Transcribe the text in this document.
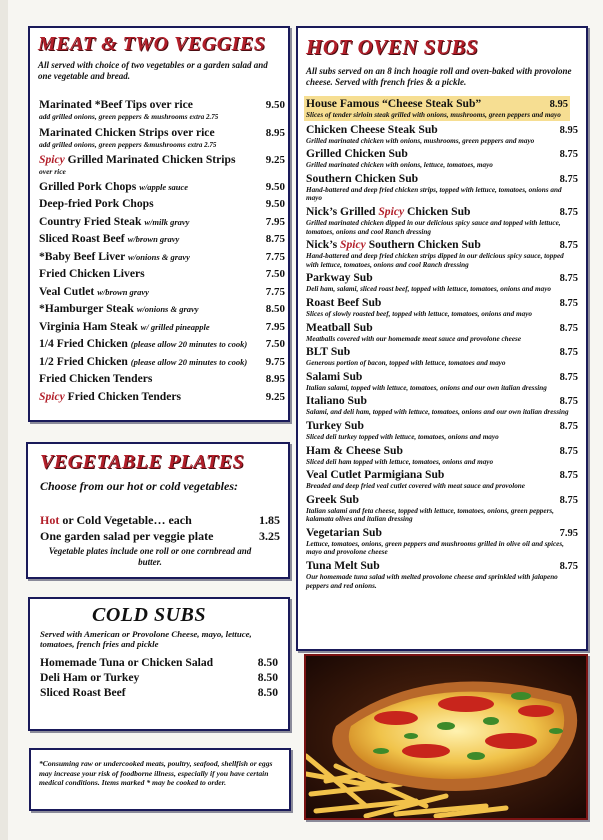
MEAT & TWO VEGGIES
All served with choice of two vegetables or a garden salad and one vegetable and bread.
Marinated *Beef Tips over rice	9.50
add grilled onions, green peppers & mushrooms extra 2.75
Marinated Chicken Strips over rice	8.95
add grilled onions, green peppers &mushrooms extra 2.75
Spicy Grilled Marinated Chicken Strips	9.25
over rice
Grilled Pork Chops w/apple sauce	9.50
Deep-fried Pork Chops	9.50
Country Fried Steak w/milk gravy	7.95
Sliced Roast Beef w/brown gravy	8.75
*Baby Beef Liver w/onions & gravy	7.75
Fried Chicken Livers	7.50
Veal Cutlet w/brown gravy	7.75
*Hamburger Steak w/onions & gravy	8.50
Virginia Ham Steak w/ grilled pineapple	7.95
1/4 Fried Chicken (please allow 20 minutes to cook) 7.50
1/2 Fried Chicken (please allow 20 minutes to cook) 9.75
Fried Chicken Tenders	8.95
Spicy Fried Chicken Tenders	9.25
HOT OVEN SUBS
All subs served on an 8 inch hoagie roll and oven-baked with provolone cheese. Served with french fries & a pickle.
House Famous “Cheese Steak Sub”	8.95
Slices of tender sirloin steak grilled with onions, mushrooms, green peppers and mayo
Chicken Cheese Steak Sub	8.95
Grilled marinated chicken with onions, mushrooms, green peppers and mayo
Grilled Chicken Sub	8.75
Grilled marinated chicken with onions, lettuce, tomatoes, mayo
Southern Chicken Sub	8.75
Hand-battered and deep fried chicken strips, topped with lettuce, tomatoes, onions and mayo
Nick’s Grilled Spicy Chicken Sub	8.75
Grilled marinated chicken dipped in our delicious spicy sauce and topped with lettuce, tomatoes, onions and cool Ranch dressing
Nick’s Spicy Southern Chicken Sub	8.75
Hand-battered and deep fried chicken strips dipped in our delicious spicy sauce, topped with lettuce, tomatoes, onions and cool Ranch dressing
Parkway Sub	8.75
Deli ham, salami, sliced roast beef, topped with lettuce, tomatoes, onions and mayo
Roast Beef Sub	8.75
Slices of slowly roasted beef, topped with lettuce, tomatoes, onions and mayo
Meatball Sub	8.75
Meatballs covered with our homemade meat sauce and provolone cheese
BLT Sub	8.75
Generous portion of bacon, topped with lettuce, tomatoes and mayo
Salami Sub	8.75
Italian salami, topped with lettuce, tomatoes, onions and our own italian dressing
Italiano Sub	8.75
Salami, and deli ham, topped with lettuce, tomatoes, onions and our own italian dressing
Turkey Sub	8.75
Sliced deli turkey topped with lettuce, tomatoes, onions and mayo
Ham & Cheese Sub	8.75
Sliced deli ham topped with lettuce, tomatoes, onions and mayo
Veal Cutlet Parmigiana Sub	8.75
Breaded and deep fried veal cutlet covered with meat sauce and provolone
Greek Sub	8.75
Italian salami and feta cheese, topped with lettuce, tomatoes, onions, green peppers, kalamata olives and italian dressing
Vegetarian Sub	7.95
Lettuce, tomatoes, onions, green peppers and mushrooms grilled in olive oil and spices, mayo and provolone cheese
Tuna Melt Sub	8.75
Our homemade tuna salad with melted provolone cheese and sprinkled with jalapeno peppers and red onions.
VEGETABLE PLATES
Choose from our hot or cold vegetables:
Hot or Cold Vegetable… each	1.85
One garden salad per veggie plate	3.25
Vegetable plates include one roll or one cornbread and butter.
COLD SUBS
Served with American or Provolone Cheese, mayo, lettuce, tomatoes, french fries and pickle
Homemade Tuna or Chicken Salad	8.50
Deli Ham or Turkey	8.50
Sliced Roast Beef	8.50
*Consuming raw or undercooked meats, poultry, seafood, shellfish or eggs may increase your risk of foodborne illness, especially if you have certain medical conditions. Items marked * may be cooked to order.
